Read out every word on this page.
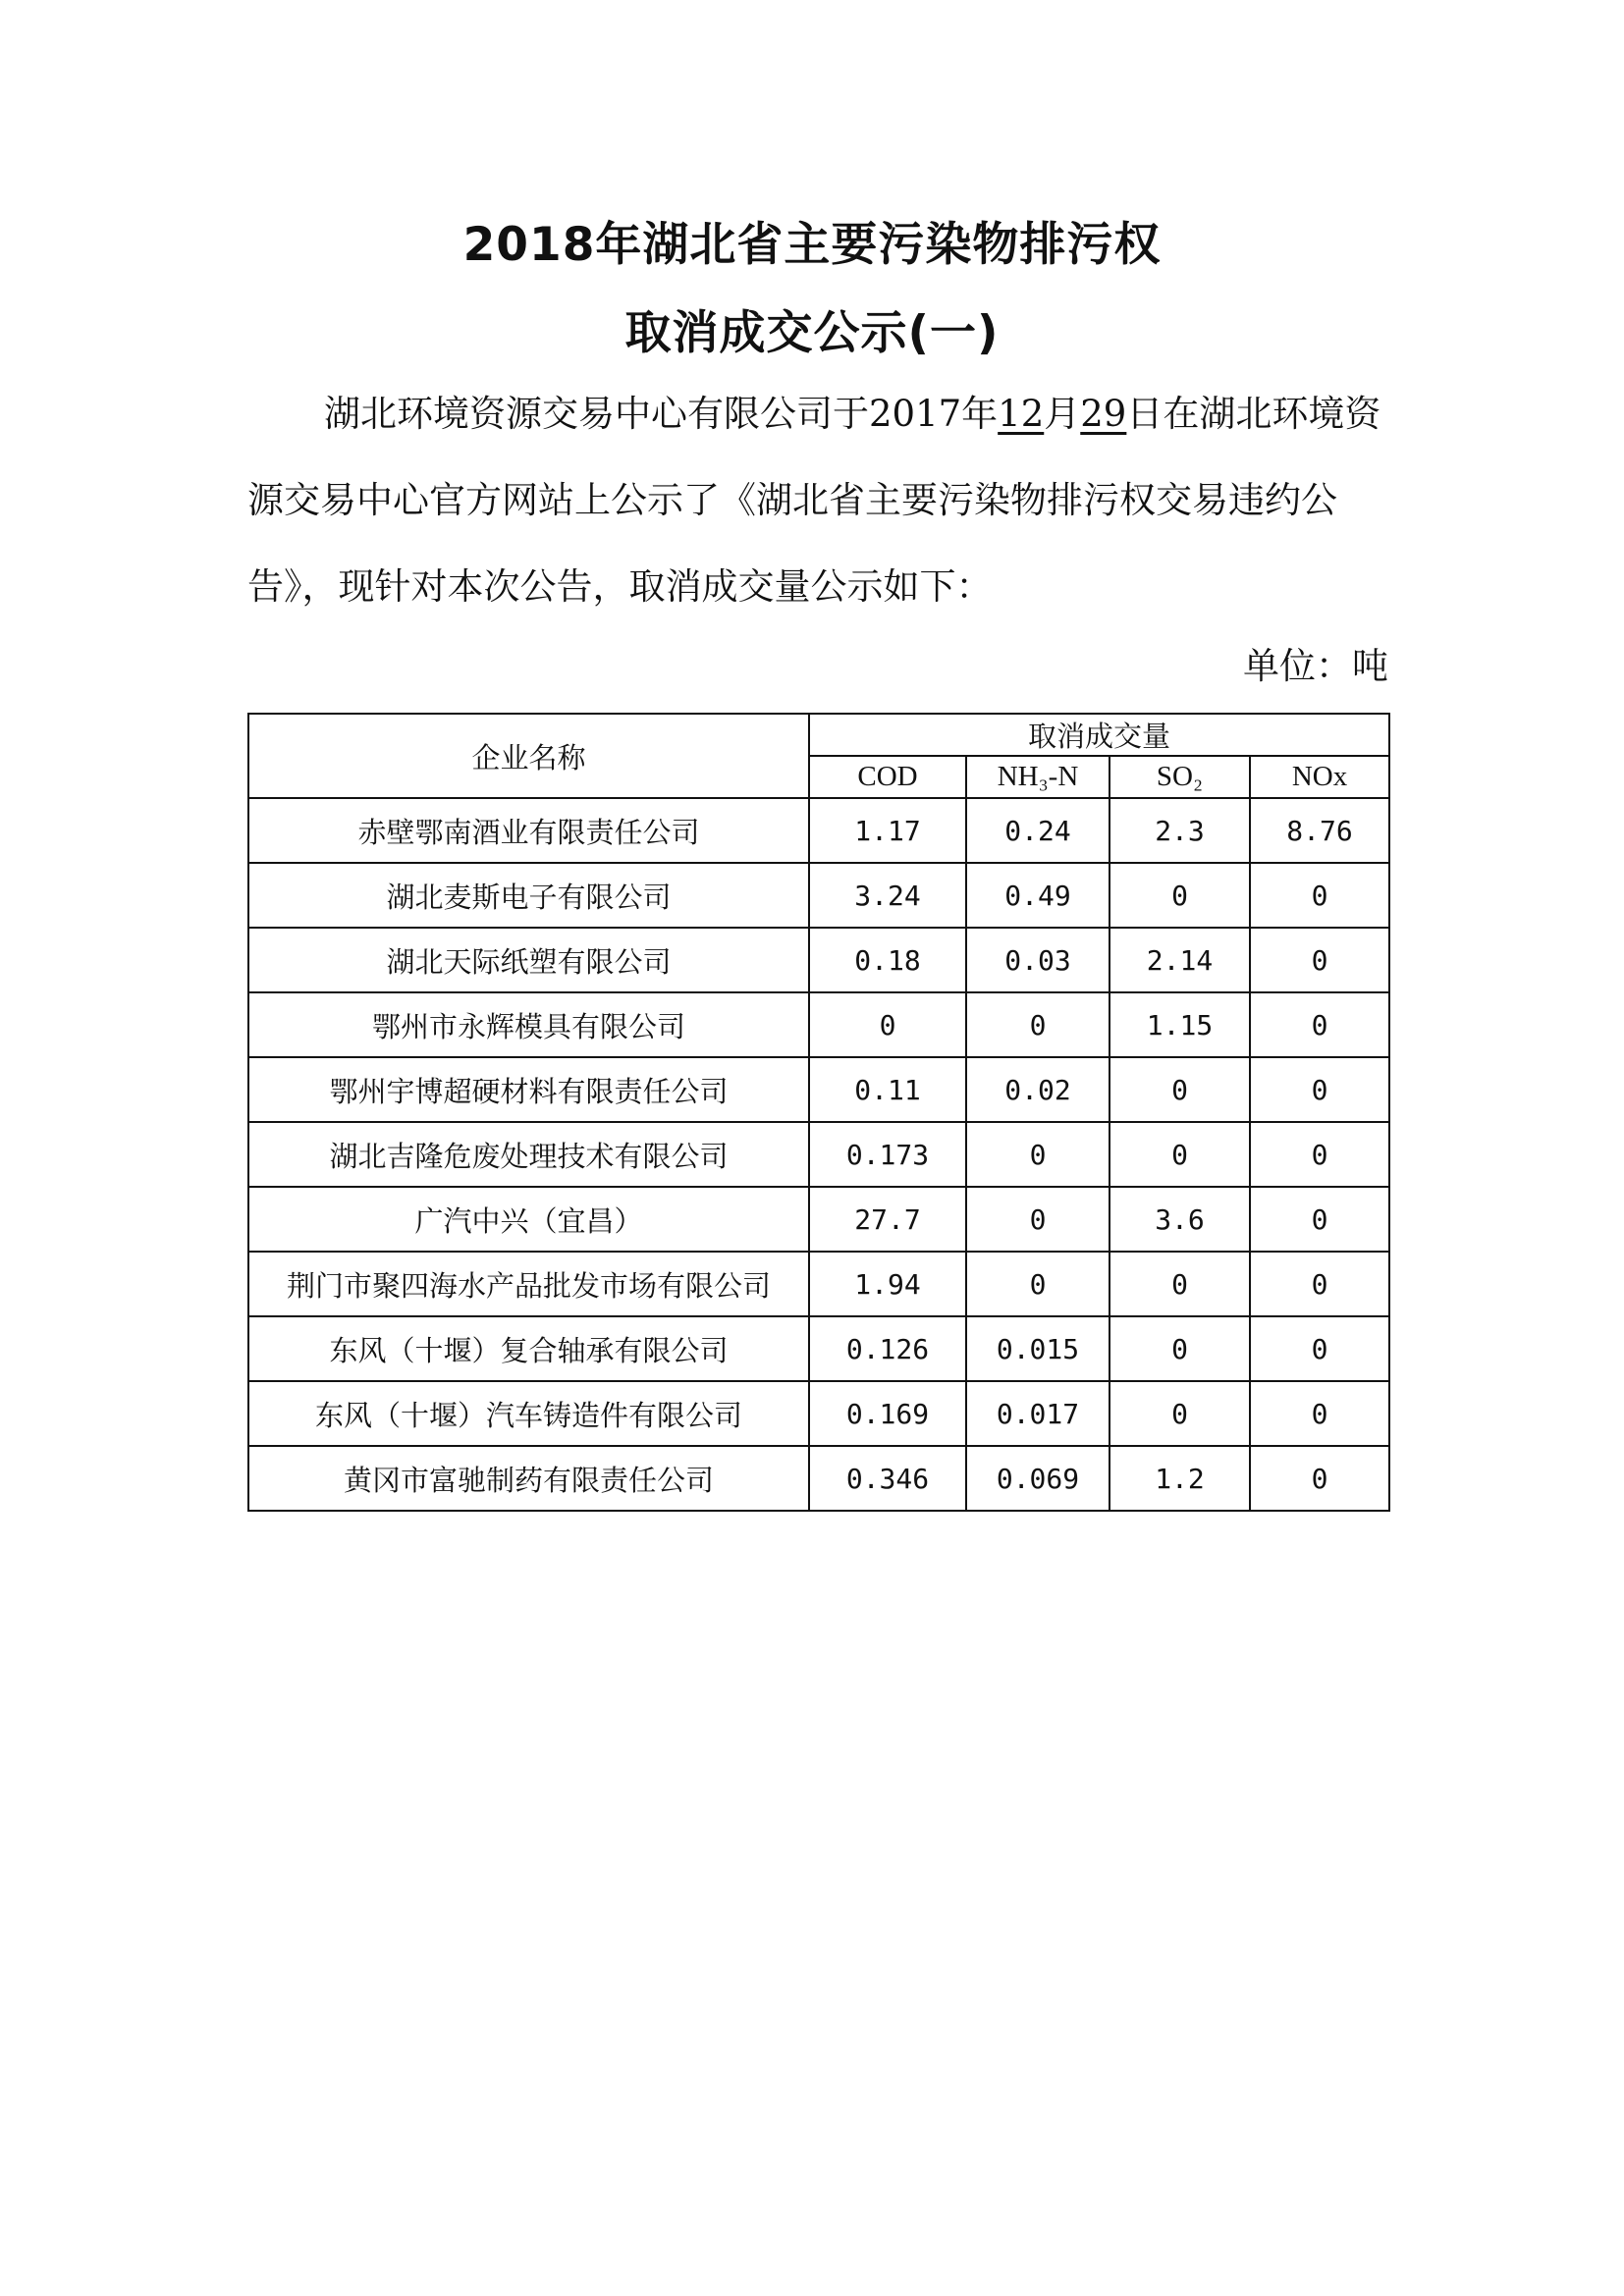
2018年湖北省主要污染物排污权
取消成交公示(一)

湖北环境资源交易中心有限公司于2017年12月29日在湖北环境资源交易中心官方网站上公示了《湖北省主要污染物排污权交易违约公告》，现针对本次公告，取消成交量公示如下：

单位：吨
企业名称	取消成交量			
	COD	NH₃-N	SO₂	NOx
赤壁鄂南酒业有限责任公司	1.17	0.24	2.3	8.76
湖北麦斯电子有限公司	3.24	0.49	0	0
湖北天际纸塑有限公司	0.18	0.03	2.14	0
鄂州市永辉模具有限公司	0	0	1.15	0
鄂州宇博超硬材料有限责任公司	0.11	0.02	0	0
湖北吉隆危废处理技术有限公司	0.173	0	0	0
广汽中兴（宜昌）	27.7	0	3.6	0
荆门市聚四海水产品批发市场有限公司	1.94	0	0	0
东风（十堰）复合轴承有限公司	0.126	0.015	0	0
东风（十堰）汽车铸造件有限公司	0.169	0.017	0	0
黄冈市富驰制药有限责任公司	0.346	0.069	1.2	0
